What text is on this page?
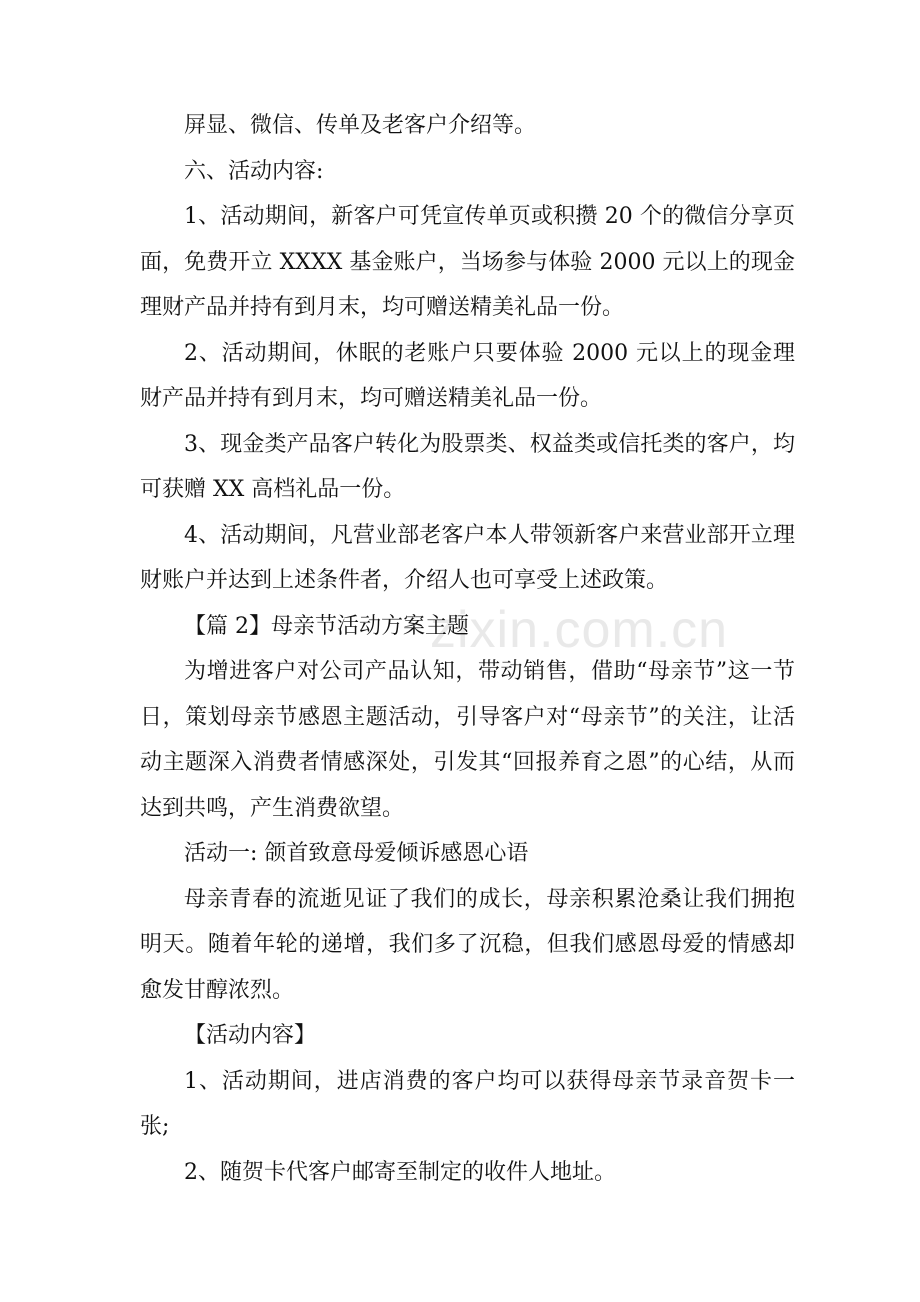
zixin.com.cn

屏显、微信、传单及老客户介绍等。

六、活动内容:

1、活动期间，新客户可凭宣传单页或积攒 20 个的微信分享页面，免费开立 XXXX 基金账户，当场参与体验 2000 元以上的现金理财产品并持有到月末，均可赠送精美礼品一份。

2、活动期间，休眠的老账户只要体验 2000 元以上的现金理财产品并持有到月末，均可赠送精美礼品一份。

3、现金类产品客户转化为股票类、权益类或信托类的客户，均可获赠 XX 高档礼品一份。

4、活动期间，凡营业部老客户本人带领新客户来营业部开立理财账户并达到上述条件者，介绍人也可享受上述政策。

【篇 2】母亲节活动方案主题

为增进客户对公司产品认知，带动销售，借助“母亲节”这一节日，策划母亲节感恩主题活动，引导客户对“母亲节”的关注，让活动主题深入消费者情感深处，引发其“回报养育之恩”的心结，从而达到共鸣，产生消费欲望。

活动一: 颌首致意母爱倾诉感恩心语

母亲青春的流逝见证了我们的成长，母亲积累沧桑让我们拥抱明天。随着年轮的递增，我们多了沉稳，但我们感恩母爱的情感却愈发甘醇浓烈。

【活动内容】

1、活动期间，进店消费的客户均可以获得母亲节录音贺卡一张;

2、随贺卡代客户邮寄至制定的收件人地址。
